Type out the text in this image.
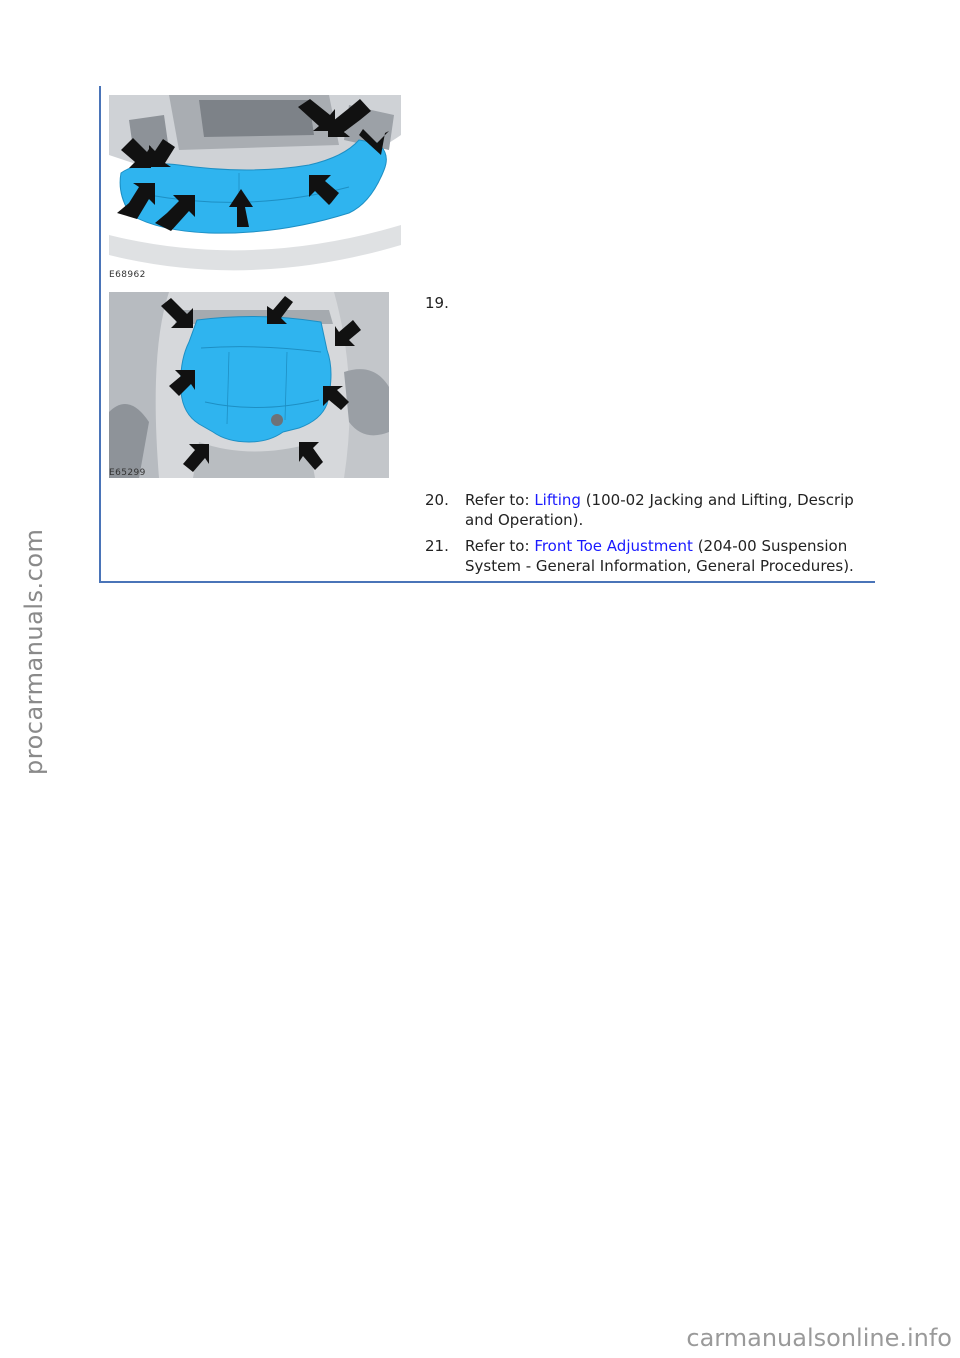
procarmanuals.com
E68962
E65299
19.
20. Refer to: Lifting (100-02 Jacking and Lifting, Descrip
and Operation).
21. Refer to: Front Toe Adjustment (204-00 Suspension
System - General Information, General Procedures).
carmanualsonline.info
